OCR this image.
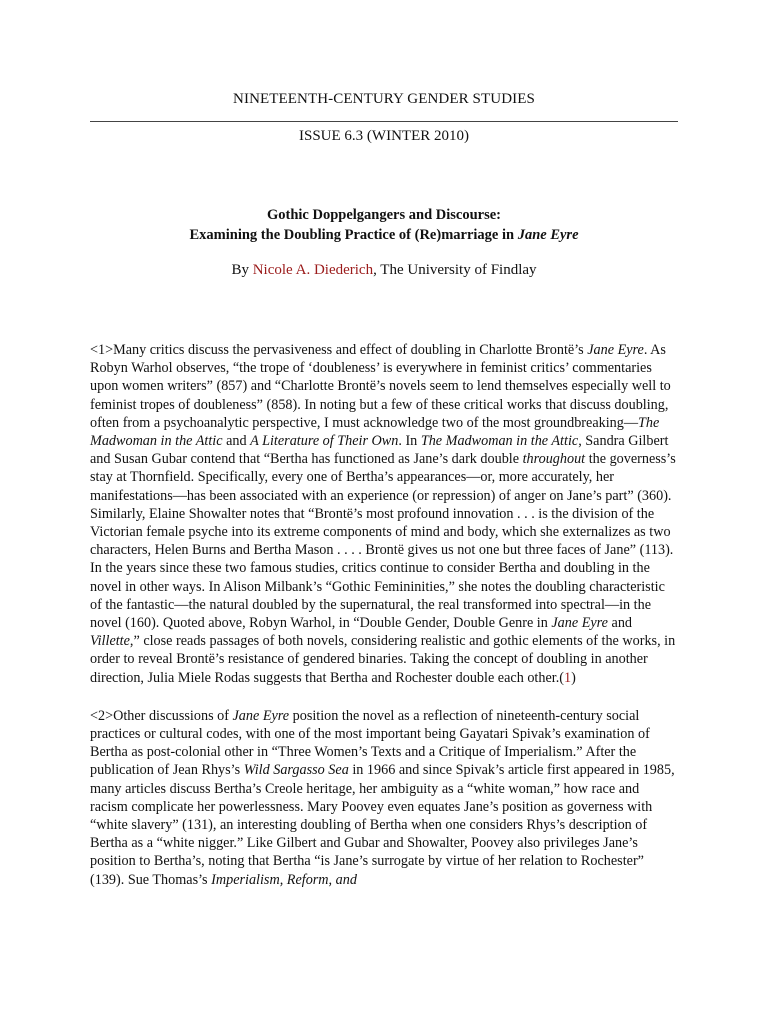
NINETEENTH-CENTURY GENDER STUDIES
ISSUE 6.3 (WINTER 2010)
Gothic Doppelgangers and Discourse:
Examining the Doubling Practice of (Re)marriage in Jane Eyre
By Nicole A. Diederich, The University of Findlay

<1>Many critics discuss the pervasiveness and effect of doubling in Charlotte Brontë’s Jane Eyre. As Robyn Warhol observes, “the trope of ‘doubleness’ is everywhere in feminist critics’ commentaries upon women writers” (857) and “Charlotte Brontë’s novels seem to lend themselves especially well to feminist tropes of doubleness” (858). In noting but a few of these critical works that discuss doubling, often from a psychoanalytic perspective, I must acknowledge two of the most groundbreaking—The Madwoman in the Attic and A Literature of Their Own. In The Madwoman in the Attic, Sandra Gilbert and Susan Gubar contend that “Bertha has functioned as Jane’s dark double throughout the governess’s stay at Thornfield. Specifically, every one of Bertha’s appearances—or, more accurately, her manifestations—has been associated with an experience (or repression) of anger on Jane’s part” (360). Similarly, Elaine Showalter notes that “Brontë’s most profound innovation . . . is the division of the Victorian female psyche into its extreme components of mind and body, which she externalizes as two characters, Helen Burns and Bertha Mason . . . . Brontë gives us not one but three faces of Jane” (113). In the years since these two famous studies, critics continue to consider Bertha and doubling in the novel in other ways. In Alison Milbank’s “Gothic Femininities,” she notes the doubling characteristic of the fantastic—the natural doubled by the supernatural, the real transformed into spectral—in the novel (160). Quoted above, Robyn Warhol, in “Double Gender, Double Genre in Jane Eyre and Villette,” close reads passages of both novels, considering realistic and gothic elements of the works, in order to reveal Brontë’s resistance of gendered binaries. Taking the concept of doubling in another direction, Julia Miele Rodas suggests that Bertha and Rochester double each other.(1)

<2>Other discussions of Jane Eyre position the novel as a reflection of nineteenth-century social practices or cultural codes, with one of the most important being Gayatari Spivak’s examination of Bertha as post-colonial other in “Three Women’s Texts and a Critique of Imperialism.” After the publication of Jean Rhys’s Wild Sargasso Sea in 1966 and since Spivak’s article first appeared in 1985, many articles discuss Bertha’s Creole heritage, her ambiguity as a “white woman,” how race and racism complicate her powerlessness. Mary Poovey even equates Jane’s position as governess with “white slavery” (131), an interesting doubling of Bertha when one considers Rhys’s description of Bertha as a “white nigger.” Like Gilbert and Gubar and Showalter, Poovey also privileges Jane’s position to Bertha’s, noting that Bertha “is Jane’s surrogate by virtue of her relation to Rochester” (139). Sue Thomas’s Imperialism, Reform, and
